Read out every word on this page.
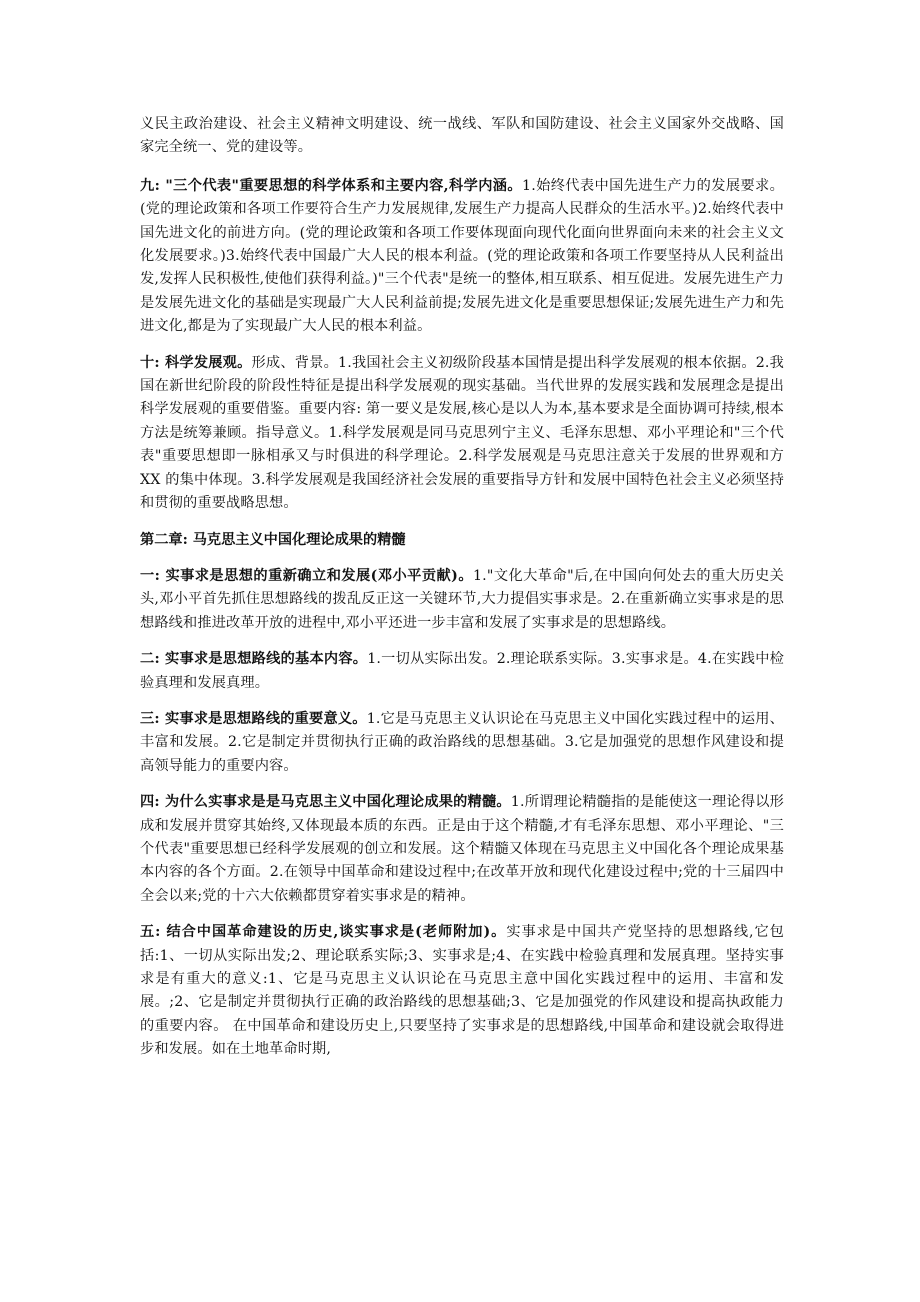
义民主政治建设、社会主义精神文明建设、统一战线、军队和国防建设、社会主义国家外交战略、国家完全统一、党的建设等。

九: "三个代表"重要思想的科学体系和主要内容,科学内涵。1.始终代表中国先进生产力的发展要求。(党的理论政策和各项工作要符合生产力发展规律,发展生产力提高人民群众的生活水平。)2.始终代表中国先进文化的前进方向。(党的理论政策和各项工作要体现面向现代化面向世界面向未来的社会主义文化发展要求。)3.始终代表中国最广大人民的根本利益。(党的理论政策和各项工作要坚持从人民利益出发,发挥人民积极性,使他们获得利益。)"三个代表"是统一的整体,相互联系、相互促进。发展先进生产力是发展先进文化的基础是实现最广大人民利益前提;发展先进文化是重要思想保证;发展先进生产力和先进文化,都是为了实现最广大人民的根本利益。

十: 科学发展观。形成、背景。1.我国社会主义初级阶段基本国情是提出科学发展观的根本依据。2.我国在新世纪阶段的阶段性特征是提出科学发展观的现实基础。当代世界的发展实践和发展理念是提出科学发展观的重要借鉴。重要内容: 第一要义是发展,核心是以人为本,基本要求是全面协调可持续,根本方法是统筹兼顾。指导意义。1.科学发展观是同马克思列宁主义、毛泽东思想、邓小平理论和"三个代表"重要思想即一脉相承又与时俱进的科学理论。2.科学发展观是马克思注意关于发展的世界观和方 XX 的集中体现。3.科学发展观是我国经济社会发展的重要指导方针和发展中国特色社会主义必须坚持和贯彻的重要战略思想。

第二章: 马克思主义中国化理论成果的精髓

一: 实事求是思想的重新确立和发展(邓小平贡献)。1."文化大革命"后,在中国向何处去的重大历史关头,邓小平首先抓住思想路线的拨乱反正这一关键环节,大力提倡实事求是。2.在重新确立实事求是的思想路线和推进改革开放的进程中,邓小平还进一步丰富和发展了实事求是的思想路线。

二: 实事求是思想路线的基本内容。1.一切从实际出发。2.理论联系实际。3.实事求是。4.在实践中检验真理和发展真理。

三: 实事求是思想路线的重要意义。1.它是马克思主义认识论在马克思主义中国化实践过程中的运用、丰富和发展。2.它是制定并贯彻执行正确的政治路线的思想基础。3.它是加强党的思想作风建设和提高领导能力的重要内容。

四: 为什么实事求是是马克思主义中国化理论成果的精髓。1.所谓理论精髓指的是能使这一理论得以形成和发展并贯穿其始终,又体现最本质的东西。正是由于这个精髓,才有毛泽东思想、邓小平理论、"三个代表"重要思想已经科学发展观的创立和发展。这个精髓又体现在马克思主义中国化各个理论成果基本内容的各个方面。2.在领导中国革命和建设过程中;在改革开放和现代化建设过程中;党的十三届四中全会以来;党的十六大依赖都贯穿着实事求是的精神。

五: 结合中国革命建设的历史,谈实事求是(老师附加)。实事求是中国共产党坚持的思想路线,它包括:1、一切从实际出发;2、理论联系实际;3、实事求是;4、在实践中检验真理和发展真理。坚持实事求是有重大的意义:1、它是马克思主义认识论在马克思主意中国化实践过程中的运用、丰富和发展。;2、它是制定并贯彻执行正确的政治路线的思想基础;3、它是加强党的作风建设和提高执政能力的重要内容。 在中国革命和建设历史上,只要坚持了实事求是的思想路线,中国革命和建设就会取得进步和发展。如在土地革命时期,
